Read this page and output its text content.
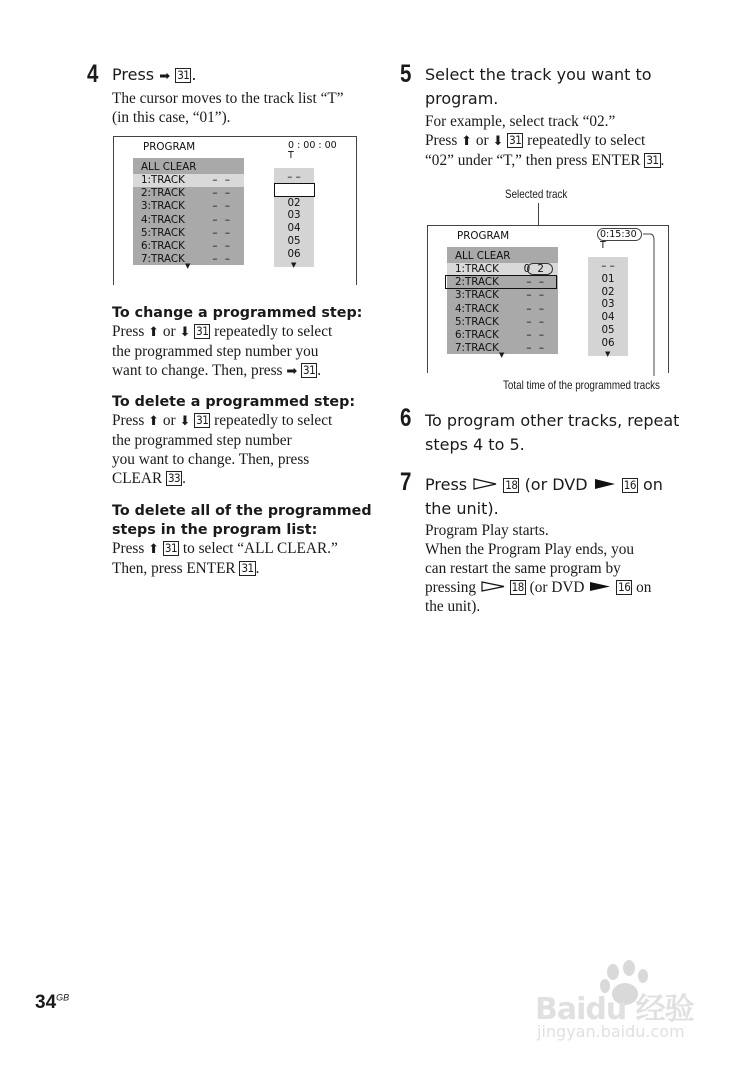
4 Press ➡ 31 .
The cursor moves to the track list “T”
(in this case, “01”).
PROGRAM	0 : 00 : 00
T
ALL CLEAR
1:TRACK	– –
2:TRACK	– –
3:TRACK	– –
4:TRACK	– –
5:TRACK	– –
6:TRACK	– –
7:TRACK	– –
– –
02
03
04
05
06
▼	▼
To change a programmed step:
Press ⬆ or ⬇ 31 repeatedly to select
the programmed step number you
want to change. Then, press ➡ 31 .
To delete a programmed step:
Press ⬆ or ⬇ 31 repeatedly to select
the programmed step number
you want to change. Then, press
CLEAR 33 .
To delete all of the programmed
steps in the program list:
Press ⬆ 31 to select “ALL CLEAR.”
Then, press ENTER 31 .
5 Select the track you want to
program.
For example, select track “02.”
Press ⬆ or ⬇ 31 repeatedly to select
“02” under “T,” then press ENTER 31 .
Selected track
PROGRAM	0:15:30
T
ALL CLEAR
1:TRACK 0 2
2:TRACK	– –
3:TRACK	– –
4:TRACK	– –
5:TRACK	– –
6:TRACK	– –
7:TRACK	– –
– –
01
02
03
04
05
06
▼	▼
Total time of the programmed tracks
6 To program other tracks, repeat
steps 4 to 5.
7 Press	18 (or DVD	16 on
the unit).
Program Play starts.
When the Program Play ends, you
can restart the same program by
pressing	18 (or DVD	16 on
the unit).
$34^{GB}$	Baidu 经验
jingyan.baidu.com
